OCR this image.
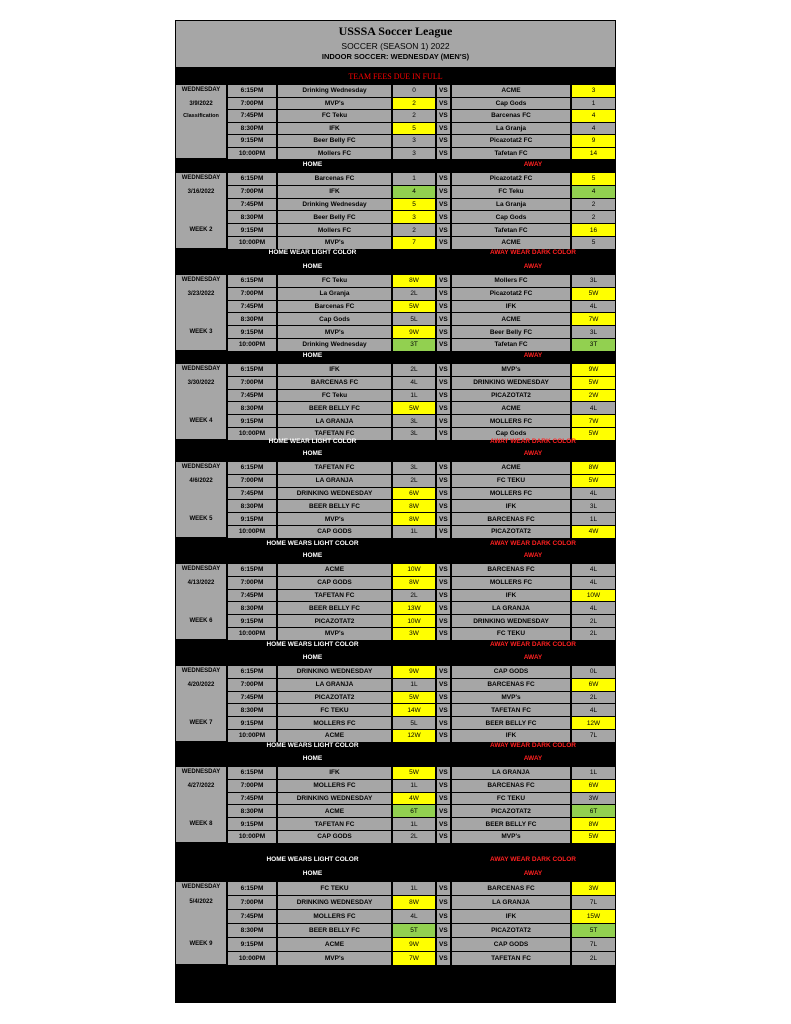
USSSA Soccer League
SOCCER (SEASON 1) 2022
INDOOR SOCCER: WEDNESDAY (MEN'S)
TEAM FEES DUE IN FULL
WEDNESDAY
3/9/2022
Classification
6:15PM	Drinking Wednesday	0	VS	ACME	3
7:00PM	MVP's	2	VS	Cap Gods	1
7:45PM	FC Teku	2	VS	Barcenas FC	4
8:30PM	IFK	5	VS	La Granja	4
9:15PM	Beer Belly FC	3	VS	Picazotat2 FC	9
10:00PM	Mollers FC	3	VS	Tafetan FC	14
HOME	AWAY
WEDNESDAY
3/16/2022
WEEK 2
6:15PM	Barcenas FC	1	VS	Picazotat2 FC	5
7:00PM	IFK	4	VS	FC Teku	4
7:45PM	Drinking Wednesday	5	VS	La Granja	2
8:30PM	Beer Belly FC	3	VS	Cap Gods	2
9:15PM	Mollers FC	2	VS	Tafetan FC	16
10:00PM	MVP's	7	VS	ACME	5
HOME WEAR LIGHT COLOR	AWAY WEAR DARK COLOR
HOME	AWAY
WEDNESDAY
3/23/2022
WEEK 3
6:15PM	FC Teku	8W	VS	Mollers FC	3L
7:00PM	La Granja	2L	VS	Picazotat2 FC	5W
7:45PM	Barcenas FC	5W	VS	IFK	4L
8:30PM	Cap Gods	5L	VS	ACME	7W
9:15PM	MVP's	9W	VS	Beer Belly FC	3L
10:00PM	Drinking Wednesday	3T	VS	Tafetan FC	3T
HOME	AWAY
WEDNESDAY
3/30/2022
WEEK 4
6:15PM	IFK	2L	VS	MVP's	9W
7:00PM	BARCENAS FC	4L	VS	DRINKING WEDNESDAY	5W
7:45PM	FC Teku	1L	VS	PICAZOTAT2	2W
8:30PM	BEER BELLY FC	5W	VS	ACME	4L
9:15PM	LA GRANJA	3L	VS	MOLLERS FC	7W
10:00PM	TAFETAN FC	3L	VS	Cap Gods	5W
HOME WEAR LIGHT COLOR	AWAY WEAR DARK COLOR
HOME	AWAY
WEDNESDAY
4/6/2022
WEEK 5
6:15PM	TAFETAN FC	3L	VS	ACME	8W
7:00PM	LA GRANJA	2L	VS	FC TEKU	5W
7:45PM	DRINKING WEDNESDAY	6W	VS	MOLLERS FC	4L
8:30PM	BEER BELLY FC	8W	VS	IFK	3L
9:15PM	MVP's	8W	VS	BARCENAS FC	1L
10:00PM	CAP GODS	1L	VS	PICAZOTAT2	4W
HOME WEARS LIGHT COLOR	AWAY WEAR DARK COLOR
HOME	AWAY
WEDNESDAY
4/13/2022
WEEK 6
6:15PM	ACME	10W	VS	BARCENAS FC	4L
7:00PM	CAP GODS	8W	VS	MOLLERS FC	4L
7:45PM	TAFETAN FC	2L	VS	IFK	10W
8:30PM	BEER BELLY FC	13W	VS	LA GRANJA	4L
9:15PM	PICAZOTAT2	10W	VS	DRINKING WEDNESDAY	2L
10:00PM	MVP's	3W	VS	FC TEKU	2L
HOME WEARS LIGHT COLOR	AWAY WEAR DARK COLOR
HOME	AWAY
WEDNESDAY
4/20/2022
WEEK 7
6:15PM	DRINKING WEDNESDAY	9W	VS	CAP GODS	0L
7:00PM	LA GRANJA	1L	VS	BARCENAS FC	6W
7:45PM	PICAZOTAT2	5W	VS	MVP's	2L
8:30PM	FC TEKU	14W	VS	TAFETAN FC	4L
9:15PM	MOLLERS FC	5L	VS	BEER BELLY FC	12W
10:00PM	ACME	12W	VS	IFK	7L
HOME WEARS LIGHT COLOR	AWAY WEAR DARK COLOR
HOME	AWAY
WEDNESDAY
4/27/2022
WEEK 8
6:15PM	IFK	5W	VS	LA GRANJA	1L
7:00PM	MOLLERS FC	1L	VS	BARCENAS FC	6W
7:45PM	DRINKING WEDNESDAY	4W	VS	FC TEKU	3W
8:30PM	ACME	6T	VS	PICAZOTAT2	6T
9:15PM	TAFETAN FC	1L	VS	BEER BELLY FC	8W
10:00PM	CAP GODS	2L	VS	MVP's	5W
HOME WEARS LIGHT COLOR	AWAY WEAR DARK COLOR
HOME	AWAY
WEDNESDAY
5/4/2022
WEEK 9
6:15PM	FC TEKU	1L	VS	BARCENAS FC	3W
7:00PM	DRINKING WEDNESDAY	8W	VS	LA GRANJA	7L
7:45PM	MOLLERS FC	4L	VS	IFK	15W
8:30PM	BEER BELLY FC	5T	VS	PICAZOTAT2	5T
9:15PM	ACME	9W	VS	CAP GODS	7L
10:00PM	MVP's	7W	VS	TAFETAN FC	2L
